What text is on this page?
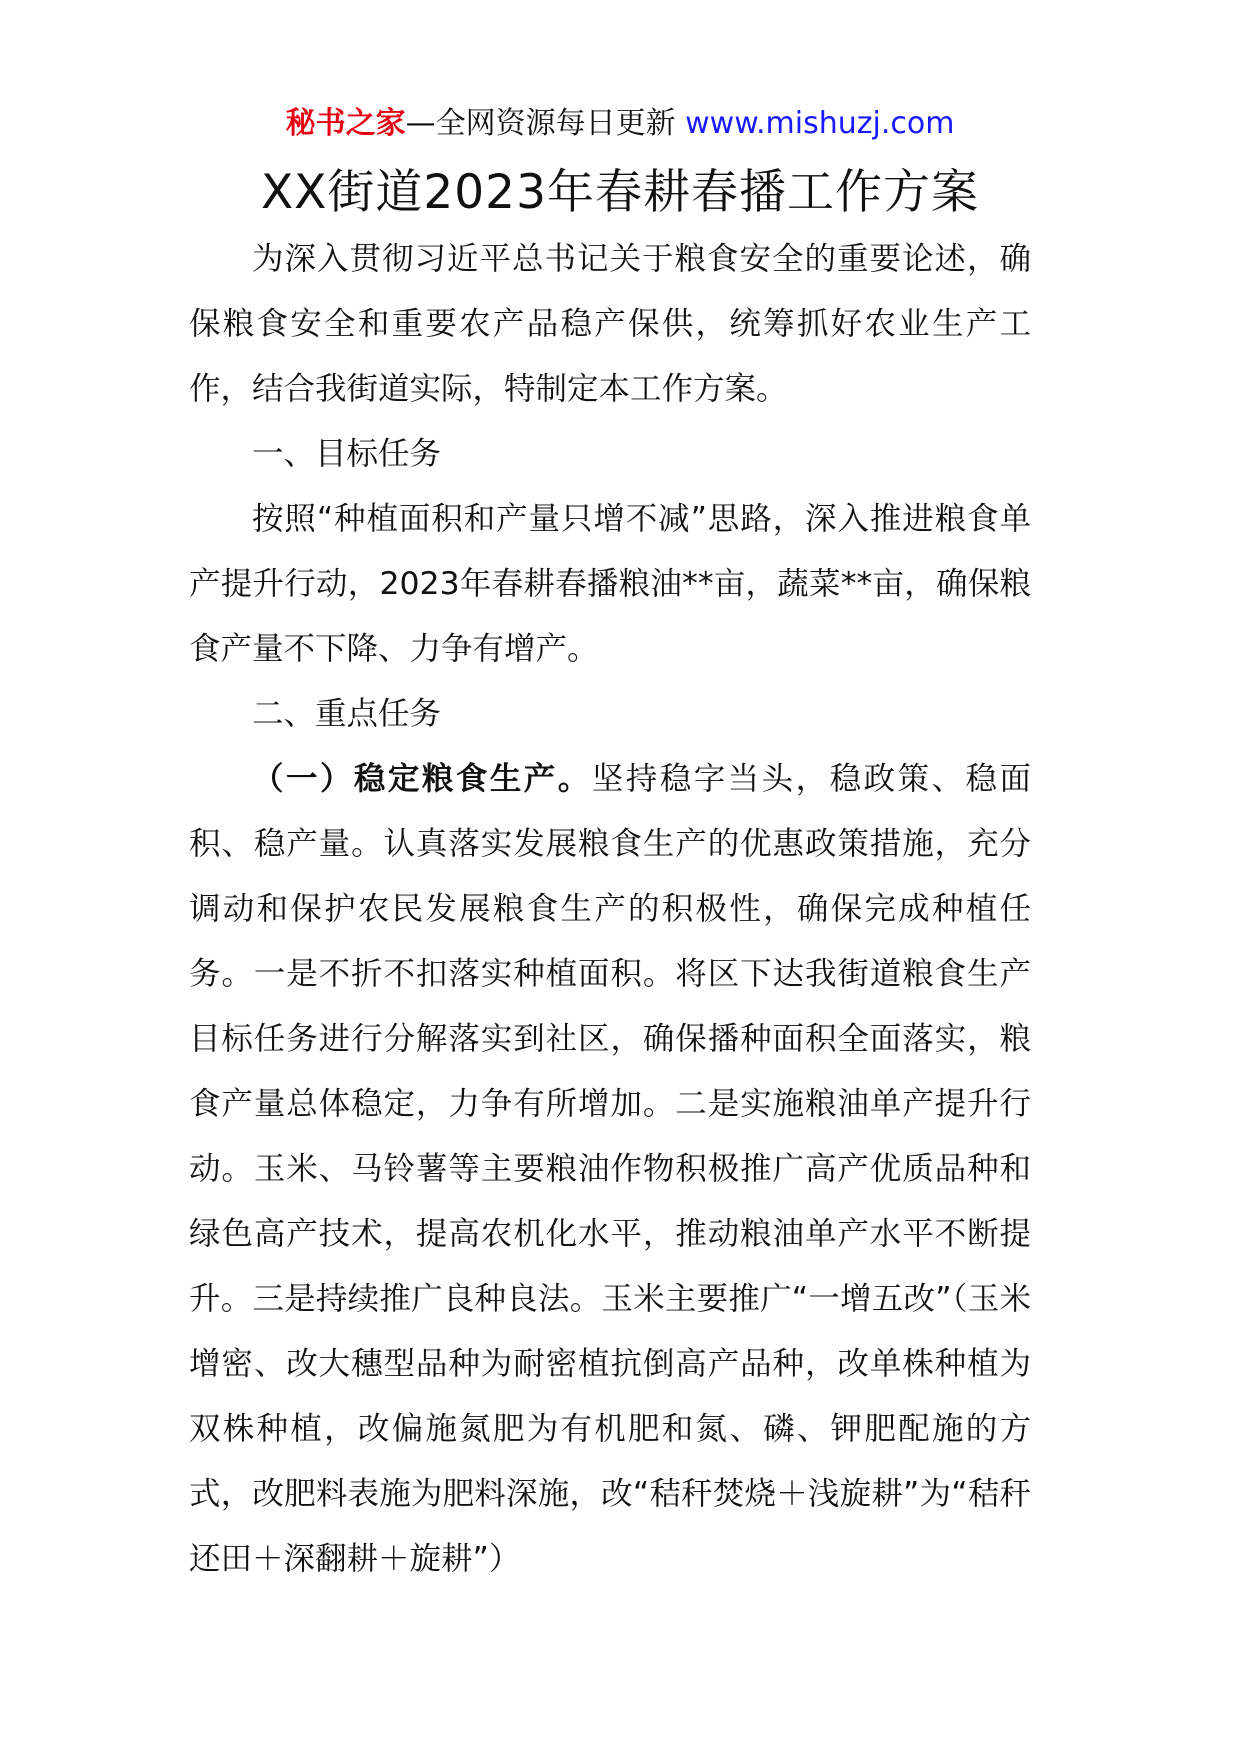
秘书之家—全网资源每日更新 www.mishuzj.com
XX街道2023年春耕春播工作方案

为深入贯彻习近平总书记关于粮食安全的重要论述，确保粮食安全和重要农产品稳产保供，统筹抓好农业生产工作，结合我街道实际，特制定本工作方案。

一、目标任务

按照“种植面积和产量只增不减”思路，深入推进粮食单产提升行动，2023年春耕春播粮油**亩，蔬菜**亩，确保粮食产量不下降、力争有增产。

二、重点任务

（一）稳定粮食生产。坚持稳字当头，稳政策、稳面积、稳产量。认真落实发展粮食生产的优惠政策措施，充分调动和保护农民发展粮食生产的积极性，确保完成种植任务。一是不折不扣落实种植面积。将区下达我街道粮食生产目标任务进行分解落实到社区，确保播种面积全面落实，粮食产量总体稳定，力争有所增加。二是实施粮油单产提升行动。玉米、马铃薯等主要粮油作物积极推广高产优质品种和绿色高产技术，提高农机化水平，推动粮油单产水平不断提升。三是持续推广良种良法。玉米主要推广“一增五改”（玉米增密、改大穗型品种为耐密植抗倒高产品种，改单株种植为双株种植，改偏施氮肥为有机肥和氮、磷、钾肥配施的方式，改肥料表施为肥料深施，改“秸秆焚烧＋浅旋耕”为“秸秆还田＋深翻耕＋旋耕”）
